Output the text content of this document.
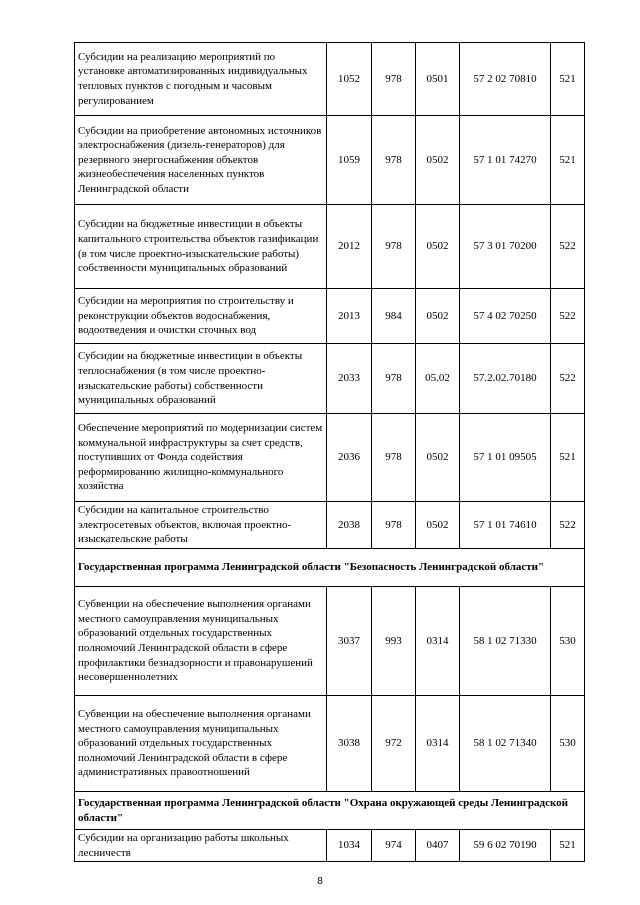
Субсидии на реализацию мероприятий по установке автоматизированных индивидуальных тепловых пунктов с погодным и часовым регулированием	1052	978	0501	57 2 02 70810	521
Субсидии на приобретение автономных источников электроснабжения (дизель-генераторов) для резервного энергоснабжения объектов жизнеобеспечения населенных пунктов Ленинградской области	1059	978	0502	57 1 01 74270	521
Субсидии на бюджетные инвестиции в объекты капитального строительства объектов газификации (в том числе проектно-изыскательские работы) собственности муниципальных образований	2012	978	0502	57 3 01 70200	522
Субсидии на мероприятия по строительству и реконструкции объектов водоснабжения, водоотведения и очистки сточных вод	2013	984	0502	57 4 02 70250	522
Субсидии на бюджетные инвестиции в объекты теплоснабжения (в том числе проектно-изыскательские работы) собственности муниципальных образований	2033	978	05.02	57.2.02.70180	522
Обеспечение мероприятий по модернизации систем коммунальной инфраструктуры за счет средств, поступивших от Фонда содействия реформированию жилищно-коммунального хозяйства	2036	978	0502	57 1 01 09505	521
Субсидии на капитальное строительство электросетевых объектов, включая проектно-изыскательские работы	2038	978	0502	57 1 01 74610	522
Государственная программа Ленинградской области "Безопасность Ленинградской области"					
Субвенции на обеспечение выполнения органами местного самоуправления муниципальных образований отдельных государственных полномочий Ленинградской области в сфере профилактики безнадзорности и правонарушений несовершеннолетних	3037	993	0314	58 1 02 71330	530
Субвенции на обеспечение выполнения органами местного самоуправления муниципальных образований отдельных государственных полномочий Ленинградской области в сфере административных правоотношений	3038	972	0314	58 1 02 71340	530
Государственная программа Ленинградской области "Охрана окружающей среды Ленинградской области"					
Субсидии на организацию работы школьных лесничеств	1034	974	0407	59 6 02 70190	521
8
